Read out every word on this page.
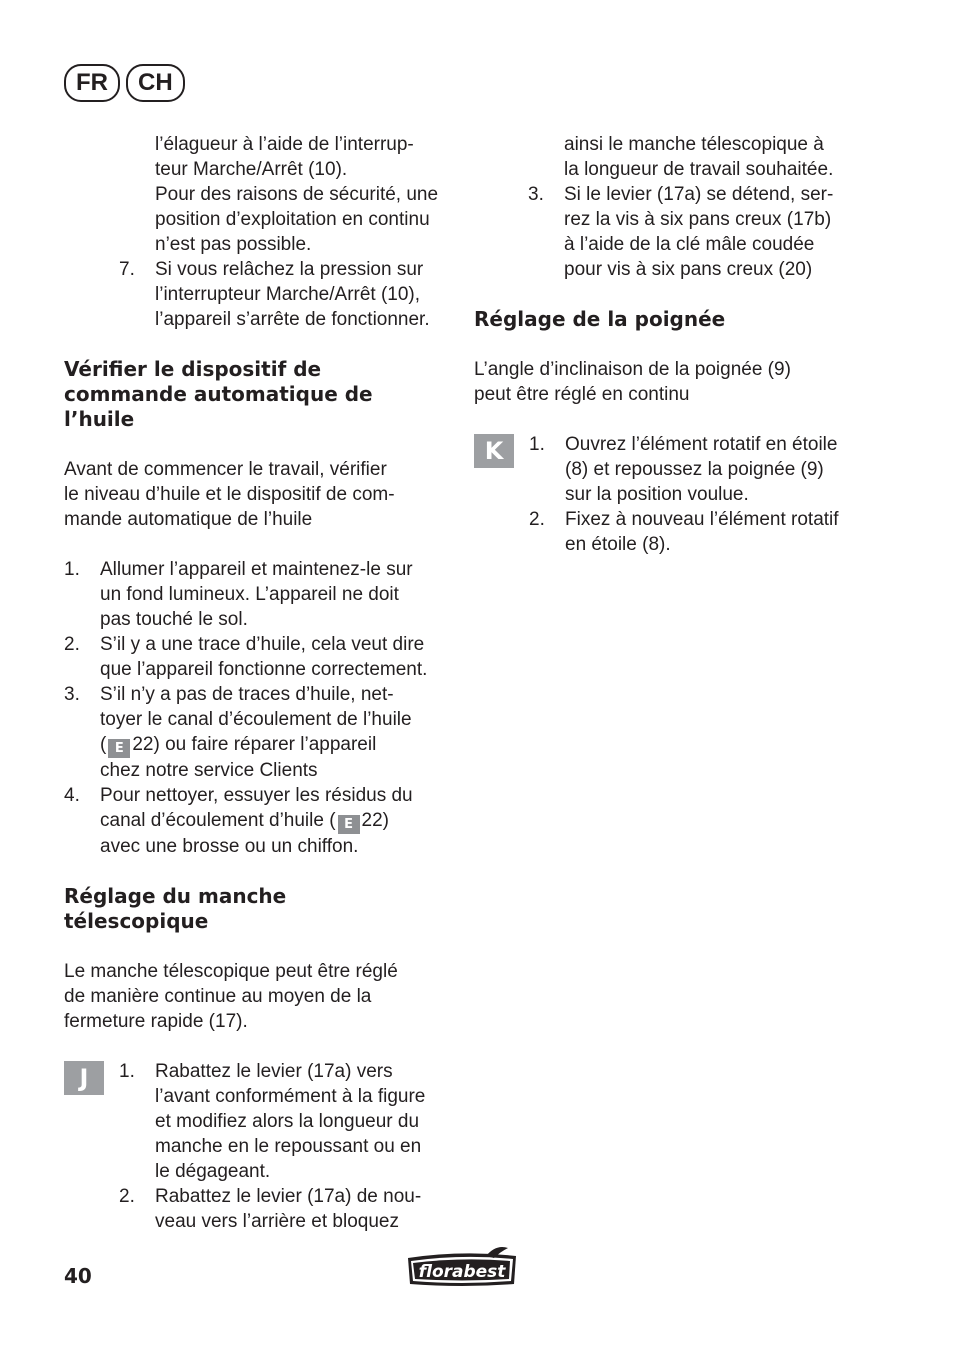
FR	CH

l’élagueur à l’aide de l’interrup-

teur Marche/Arrêt (10).

Pour des raisons de sécurité, une

position d’exploitation en continu

n’est pas possible.

7.	Si vous relâchez la pression sur

l’interrupteur Marche/Arrêt (10),

l’appareil s’arrête de fonctionner.

Vérifier le dispositif de
commande automatique de
l’huile

Avant de commencer le travail, vérifier

le niveau d’huile et le dispositif de com-

mande automatique de l’huile

1.	Allumer l’appareil et maintenez-le sur

un fond lumineux. L’appareil ne doit

pas touché le sol.

2.	S’il y a une trace d’huile, cela veut dire

que l’appareil fonctionne correctement.

3.	S’il n’y a pas de traces d’huile, net-

toyer le canal d’écoulement de l’huile

( E 22) ou faire réparer l’appareil

chez notre service Clients

4.	Pour nettoyer, essuyer les résidus du

canal d’écoulement d’huile ( E 22)

avec une brosse ou un chiffon.

Réglage du manche
télescopique

Le manche télescopique peut être réglé

de manière continue au moyen de la

fermeture rapide (17).

J	1.	Rabattez le levier (17a) vers

l’avant conformément à la figure

et modifiez alors la longueur du

manche en le repoussant ou en

le dégageant.

2.	Rabattez le levier (17a) de nou-

veau vers l’arrière et bloquez

ainsi le manche télescopique à

la longueur de travail souhaitée.

3.	Si le levier (17a) se détend, ser-

rez la vis à six pans creux (17b)

à l’aide de la clé mâle coudée

pour vis à six pans creux (20)

Réglage de la poignée

L’angle d’inclinaison de la poignée (9)

peut être réglé en continu

K	1.	Ouvrez l’élément rotatif en étoile

(8) et repoussez la poignée (9)

sur la position voulue.

2.	Fixez à nouveau l’élément rotatif

en étoile (8).

40	florabest
